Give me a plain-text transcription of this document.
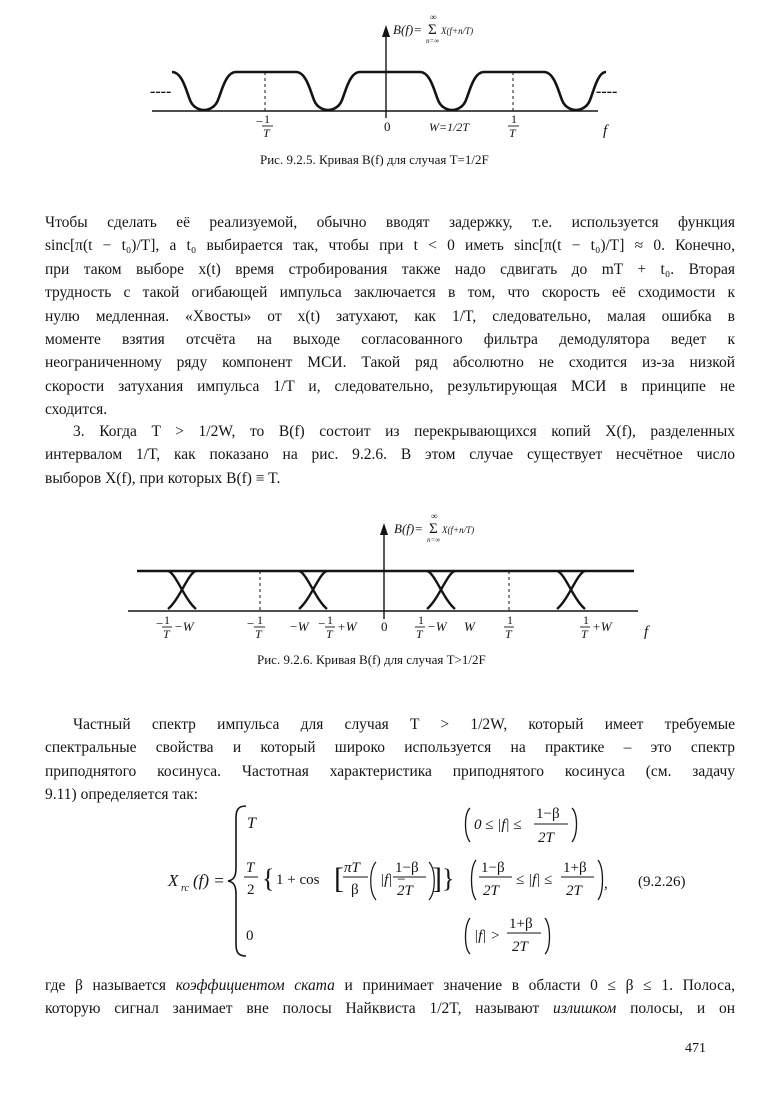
----	----
B(f)=
∞
Σ
n=∞
X(f+n/T)
− 1
T	0	W=1/2T
1
T	f
Рис. 9.2.5. Кривая B(f) для случая T=1/2F
Чтобы сделать её реализуемой, обычно вводят задержку, т.е. используется функция
sinc[π(t − t₀)/T], а t₀ выбирается так, чтобы при t < 0 иметь sinc[π(t − t₀)/T] ≈ 0. Конечно,
при таком выборе x(t) время стробирования также надо сдвигать до mT + t₀. Вторая
трудность с такой огибающей импульса заключается в том, что скорость её сходимости к
нулю медленная. «Хвосты» от x(t) затухают, как 1/T, следовательно, малая ошибка в
моменте взятия отсчёта на выходе согласованного фильтра демодулятора ведет к
неограниченному ряду компонент МСИ. Такой ряд абсолютно не сходится из-за низкой
скорости затухания импульса 1/T и, следовательно, результирующая МСИ в принципе не
сходится.
3. Когда T > 1/2W, то B(f) состоит из перекрывающихся копий X(f), разделенных
интервалом 1/T, как показано на рис. 9.2.6. В этом случае существует несчётное число
выборов X(f), при которых B(f) ≡ T.
B(f)=
∞
Σ
n=∞
X(f+n/T)
− 1
T −W	− 1
T −W − 1
T +W 0	1
T −W W	1
T
1
T +W f
Рис. 9.2.6. Кривая B(f) для случая T>1/2F
Частный спектр импульса для случая T > 1/2W, который имеет требуемые
спектральные свойства и который широко используется на практике – это спектр
приподнятого косинуса. Частотная характеристика приподнятого косинуса (см. задачу
9.11) определяется так:
X rc (f) =
T	0 ≤ |f| ≤
1−β
2T
T
2 { 1 + cos [ πT
β
|f| −
1−β
2T ] } 1−β
2T
≤ |f| ≤
1+β
2T , (9.2.26)
0	|f| >
1+β
2T
где β называется коэффициентом ската и принимает значение в области 0 ≤ β ≤ 1. Полоса,
которую сигнал занимает вне полосы Найквиста 1/2T, называют излишком полосы, и он
471
